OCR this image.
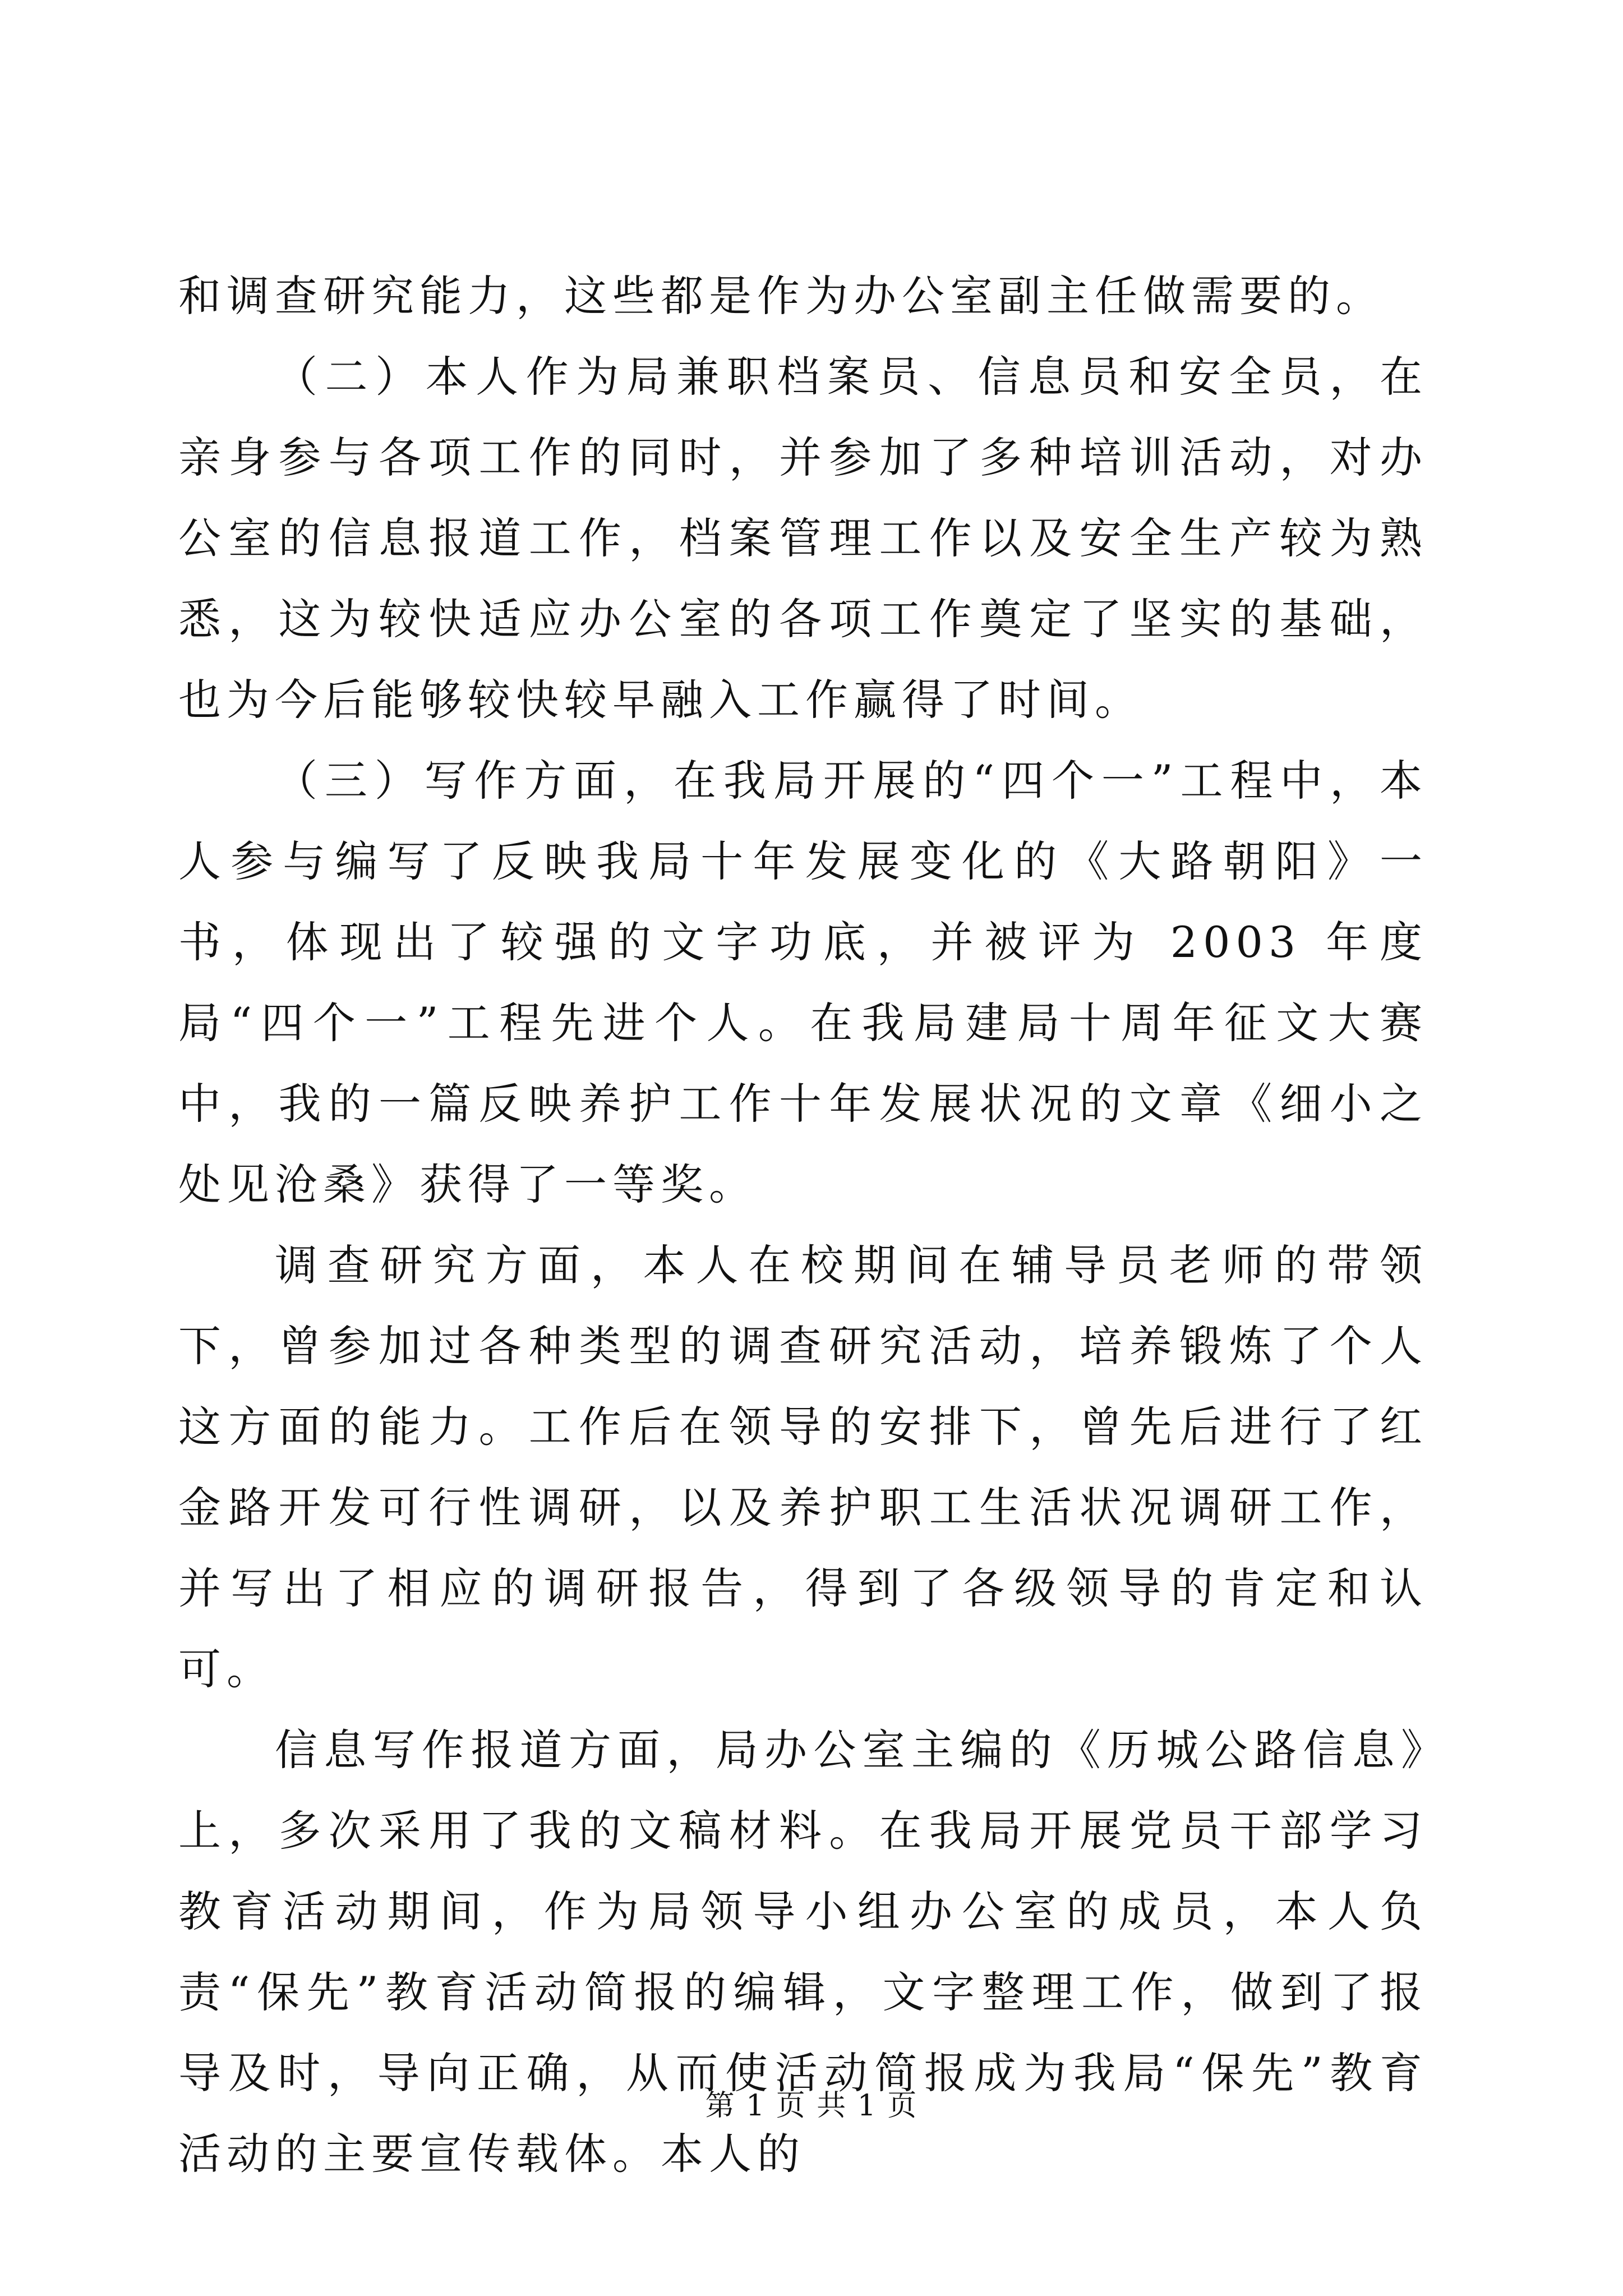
和调查研究能力，这些都是作为办公室副主任做需要的。

（二）本人作为局兼职档案员、信息员和安全员，在亲身参与各项工作的同时，并参加了多种培训活动，对办公室的信息报道工作，档案管理工作以及安全生产较为熟悉，这为较快适应办公室的各项工作奠定了坚实的基础，也为今后能够较快较早融入工作赢得了时间。

（三）写作方面，在我局开展的“四个一”工程中，本人参与编写了反映我局十年发展变化的《大路朝阳》一书，体现出了较强的文字功底，并被评为 2003 年度局“四个一”工程先进个人。在我局建局十周年征文大赛中，我的一篇反映养护工作十年发展状况的文章《细小之处见沧桑》获得了一等奖。

调查研究方面，本人在校期间在辅导员老师的带领下，曾参加过各种类型的调查研究活动，培养锻炼了个人这方面的能力。工作后在领导的安排下，曾先后进行了红金路开发可行性调研，以及养护职工生活状况调研工作，并写出了相应的调研报告，得到了各级领导的肯定和认可。

信息写作报道方面，局办公室主编的《历城公路信息》上，多次采用了我的文稿材料。在我局开展党员干部学习教育活动期间，作为局领导小组办公室的成员，本人负责“保先”教育活动简报的编辑，文字整理工作，做到了报导及时，导向正确，从而使活动简报成为我局“保先”教育活动的主要宣传载体。本人的

第 1 页 共 1 页
